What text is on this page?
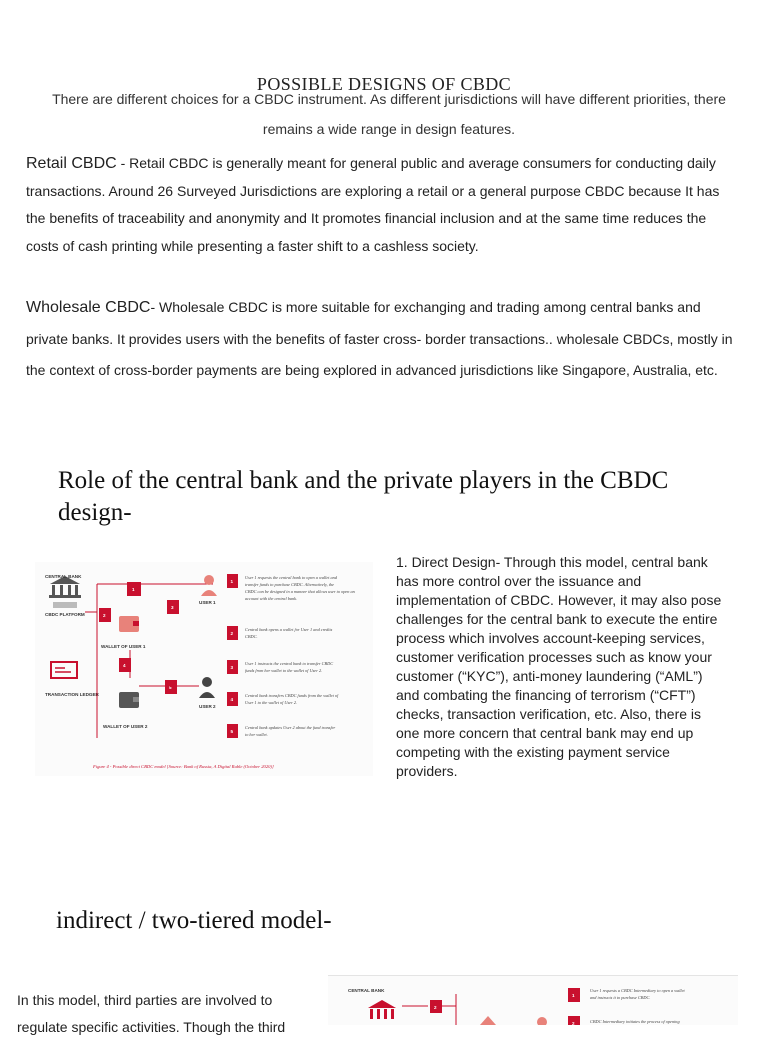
POSSIBLE DESIGNS OF CBDC
There are different choices for a CBDC instrument. As different jurisdictions will have different priorities, there remains a wide range in design features.
Retail CBDC - Retail CBDC is generally meant for general public and average consumers for conducting daily transactions. Around 26 Surveyed Jurisdictions are exploring a retail or a general purpose CBDC because It has the benefits of traceability and anonymity and It promotes financial inclusion and at the same time reduces the costs of cash printing while presenting a faster shift to a cashless society.
Wholesale CBDC- Wholesale CBDC is more suitable for exchanging and trading among central banks and private banks. It provides users with the benefits of faster cross- border transactions.. wholesale CBDCs, mostly in the context of cross-border payments are being explored in advanced jurisdictions like Singapore, Australia, etc.
Role of the central bank and the private players in the CBDC design-
CENTRAL BANK
CBDC PLATFORM
TRANSACTION LEDGER
1
2
3
4
5
WALLET OF USER 1
WALLET OF USER 2
USER 1
USER 2
1
User 1 requests the central bank to open a wallet and
transfer funds to purchase CBDC. Alternatively, the
CBDC can be designed in a manner that allows user to open an
account with the central bank.
2
Central bank opens a wallet for User 1 and credits
CBDC.
3
User 1 instructs the central bank to transfer CBDC
funds from her wallet to the wallet of User 2.
4
Central bank transfers CBDC funds from the wallet of
User 1 to the wallet of User 2.
5
Central bank updates User 2 about the fund transfer
to her wallet.
Figure 4 - Possible direct CBDC model [Source: Bank of Russia, A Digital Ruble (October 2020)]
1. Direct Design- Through this model, central bank has more control over the issuance and implementation of CBDC. However, it may also pose challenges for the central bank to execute the entire process which involves account-keeping services, customer verification processes such as know your customer (“KYC”), anti-money laundering (“AML”) and combating the financing of terrorism (“CFT”) checks, transaction verification, etc. Also, there is one more concern that central bank may end up competing with the existing payment service providers.
indirect / two-tiered model-
In this model, third parties are involved to regulate specific activities. Though the third
CENTRAL BANK
2
1
User 1 requests a CBDC Intermediary to open a wallet
and instructs it to purchase CBDC.
2	CBDC Intermediary initiates the process of opening
